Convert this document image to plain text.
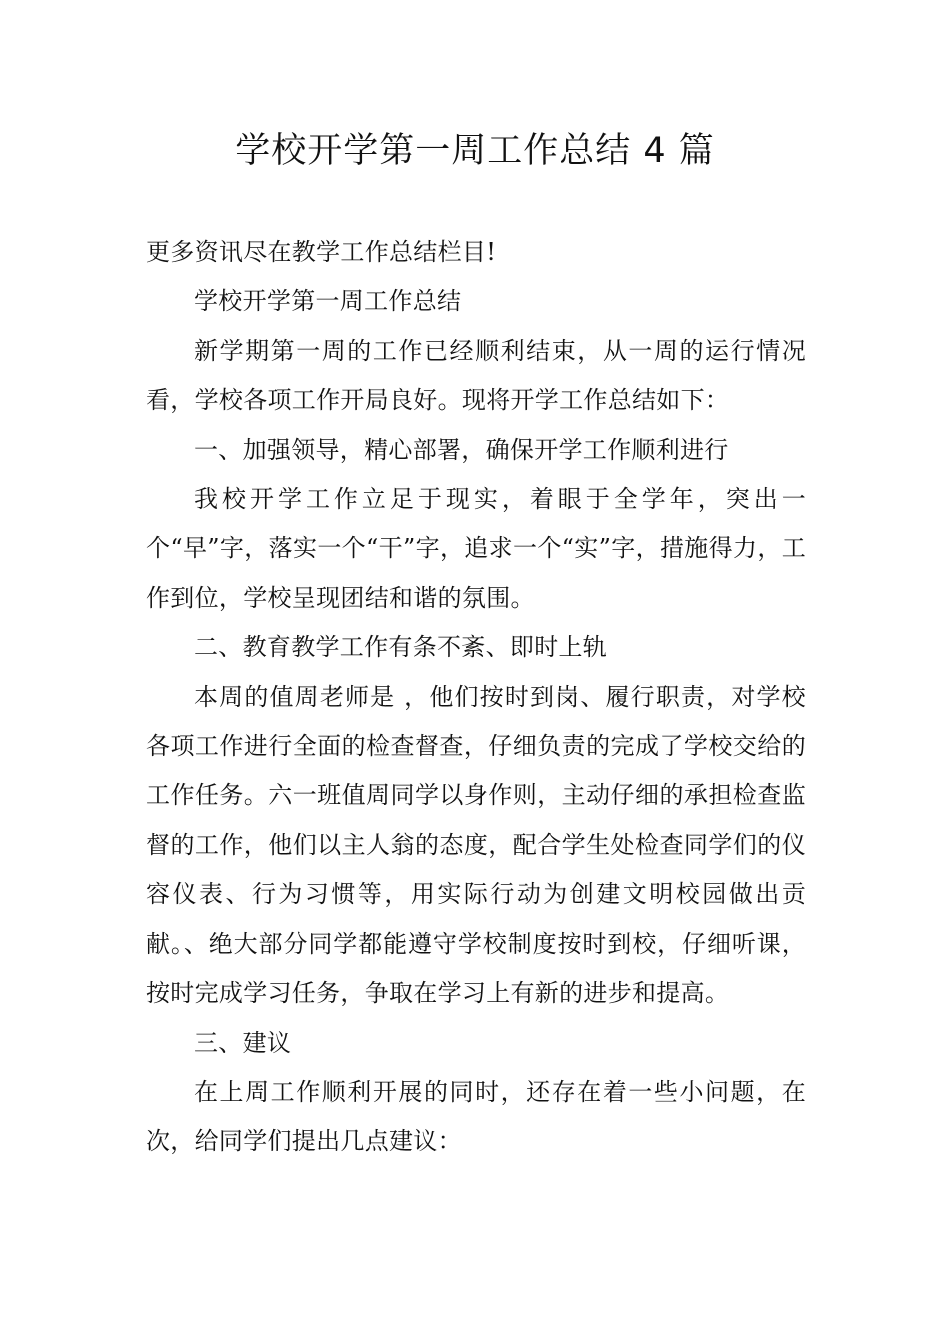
学校开学第一周工作总结 4 篇

更多资讯尽在教学工作总结栏目!

学校开学第一周工作总结

新学期第一周的工作已经顺利结束，从一周的运行情况看，学校各项工作开局良好。现将开学工作总结如下：

一、加强领导，精心部署，确保开学工作顺利进行

我校开学工作立足于现实，着眼于全学年，突出一个“早”字，落实一个“干”字，追求一个“实”字，措施得力，工作到位，学校呈现团结和谐的氛围。

二、教育教学工作有条不紊、即时上轨

本周的值周老师是 ，他们按时到岗、履行职责，对学校各项工作进行全面的检查督查，仔细负责的完成了学校交给的工作任务。六一班值周同学以身作则，主动仔细的承担检查监督的工作，他们以主人翁的态度，配合学生处检查同学们的仪容仪表、行为习惯等，用实际行动为创建文明校园做出贡献。、绝大部分同学都能遵守学校制度按时到校，仔细听课，按时完成学习任务，争取在学习上有新的进步和提高。

三、建议

在上周工作顺利开展的同时，还存在着一些小问题，在次，给同学们提出几点建议：
